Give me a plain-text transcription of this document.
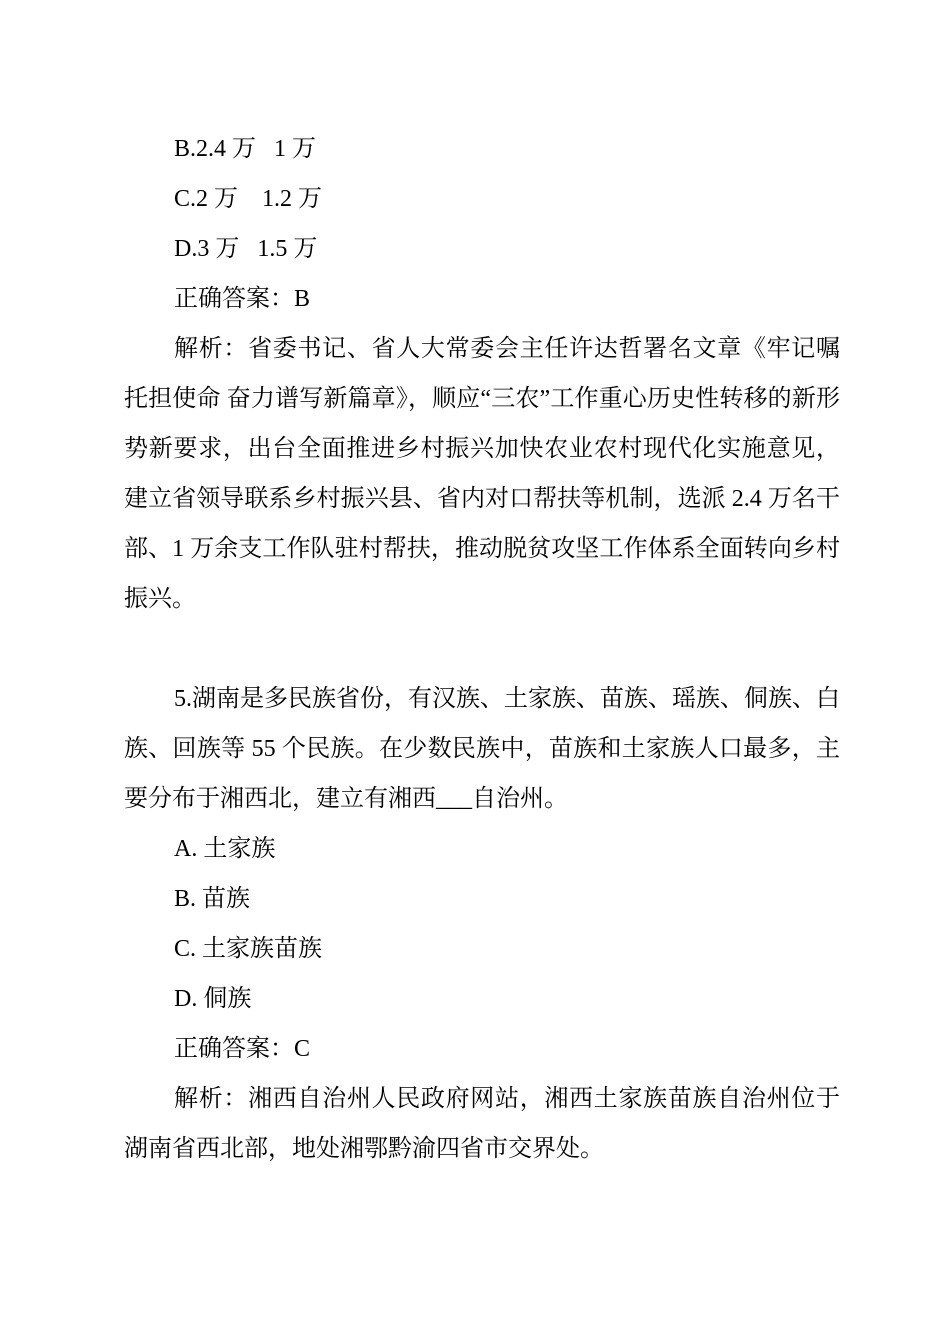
B.2.4 万   1 万
C.2 万    1.2 万
D.3 万   1.5 万
正确答案：B

解析：省委书记、省人大常委会主任许达哲署名文章《牢记嘱托担使命 奋力谱写新篇章》，顺应“三农”工作重心历史性转移的新形势新要求，出台全面推进乡村振兴加快农业农村现代化实施意见，建立省领导联系乡村振兴县、省内对口帮扶等机制，选派 2.4 万名干部、1 万余支工作队驻村帮扶，推动脱贫攻坚工作体系全面转向乡村振兴。

5.湖南是多民族省份，有汉族、土家族、苗族、瑶族、侗族、白族、回族等 55 个民族。在少数民族中，苗族和土家族人口最多，主要分布于湘西北，建立有湘西___自治州。

A. 土家族
B. 苗族
C. 土家族苗族
D. 侗族
正确答案：C

解析：湘西自治州人民政府网站，湘西土家族苗族自治州位于湖南省西北部，地处湘鄂黔渝四省市交界处。
